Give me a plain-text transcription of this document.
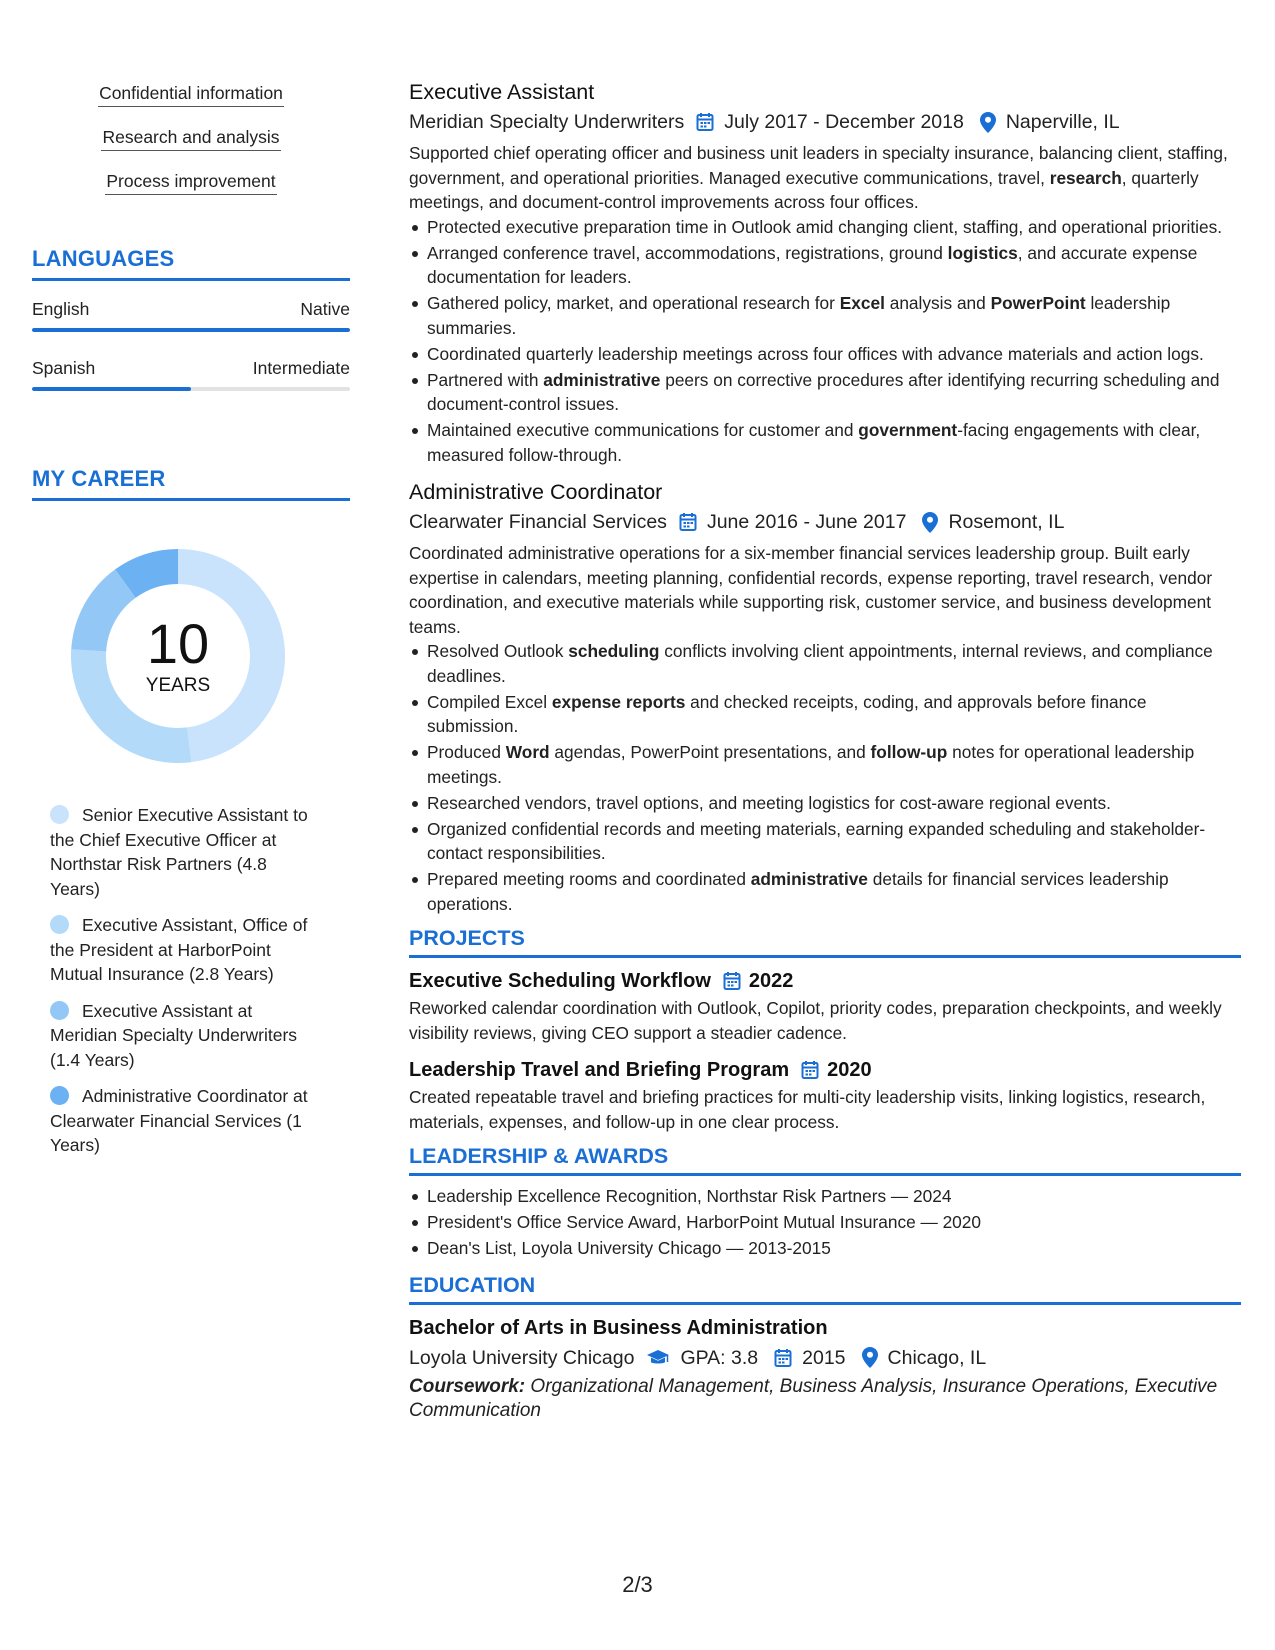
Confidential information
Research and analysis
Process improvement
LANGUAGES
English	Native
Spanish	Intermediate
MY CAREER
10
YEARS
Senior Executive Assistant to the Chief Executive Officer at Northstar Risk Partners (4.8 Years)
Executive Assistant, Office of the President at HarborPoint Mutual Insurance (2.8 Years)
Executive Assistant at Meridian Specialty Underwriters (1.4 Years)
Administrative Coordinator at Clearwater Financial Services (1 Years)
Executive Assistant
Meridian Specialty Underwriters July 2017 - December 2018 Naperville, IL
Supported chief operating officer and business unit leaders in specialty insurance, balancing client, staffing, government, and operational priorities. Managed executive communications, travel, research, quarterly meetings, and document-control improvements across four offices.
Protected executive preparation time in Outlook amid changing client, staffing, and operational priorities.
Arranged conference travel, accommodations, registrations, ground logistics, and accurate expense documentation for leaders.
Gathered policy, market, and operational research for Excel analysis and PowerPoint leadership summaries.
Coordinated quarterly leadership meetings across four offices with advance materials and action logs.
Partnered with administrative peers on corrective procedures after identifying recurring scheduling and document-control issues.
Maintained executive communications for customer and government-facing engagements with clear, measured follow-through.
Administrative Coordinator
Clearwater Financial Services June 2016 - June 2017 Rosemont, IL
Coordinated administrative operations for a six-member financial services leadership group. Built early expertise in calendars, meeting planning, confidential records, expense reporting, travel research, vendor coordination, and executive materials while supporting risk, customer service, and business development teams.
Resolved Outlook scheduling conflicts involving client appointments, internal reviews, and compliance deadlines.
Compiled Excel expense reports and checked receipts, coding, and approvals before finance submission.
Produced Word agendas, PowerPoint presentations, and follow-up notes for operational leadership meetings.
Researched vendors, travel options, and meeting logistics for cost-aware regional events.
Organized confidential records and meeting materials, earning expanded scheduling and stakeholder-contact responsibilities.
Prepared meeting rooms and coordinated administrative details for financial services leadership operations.
PROJECTS
Executive Scheduling Workflow 2022
Reworked calendar coordination with Outlook, Copilot, priority codes, preparation checkpoints, and weekly visibility reviews, giving CEO support a steadier cadence.
Leadership Travel and Briefing Program 2020
Created repeatable travel and briefing practices for multi-city leadership visits, linking logistics, research, materials, expenses, and follow-up in one clear process.
LEADERSHIP & AWARDS
Leadership Excellence Recognition, Northstar Risk Partners — 2024
President's Office Service Award, HarborPoint Mutual Insurance — 2020
Dean's List, Loyola University Chicago — 2013-2015
EDUCATION
Bachelor of Arts in Business Administration
Loyola University Chicago GPA: 3.8 2015 Chicago, IL
Coursework: Organizational Management, Business Analysis, Insurance Operations, Executive Communication
2/3
